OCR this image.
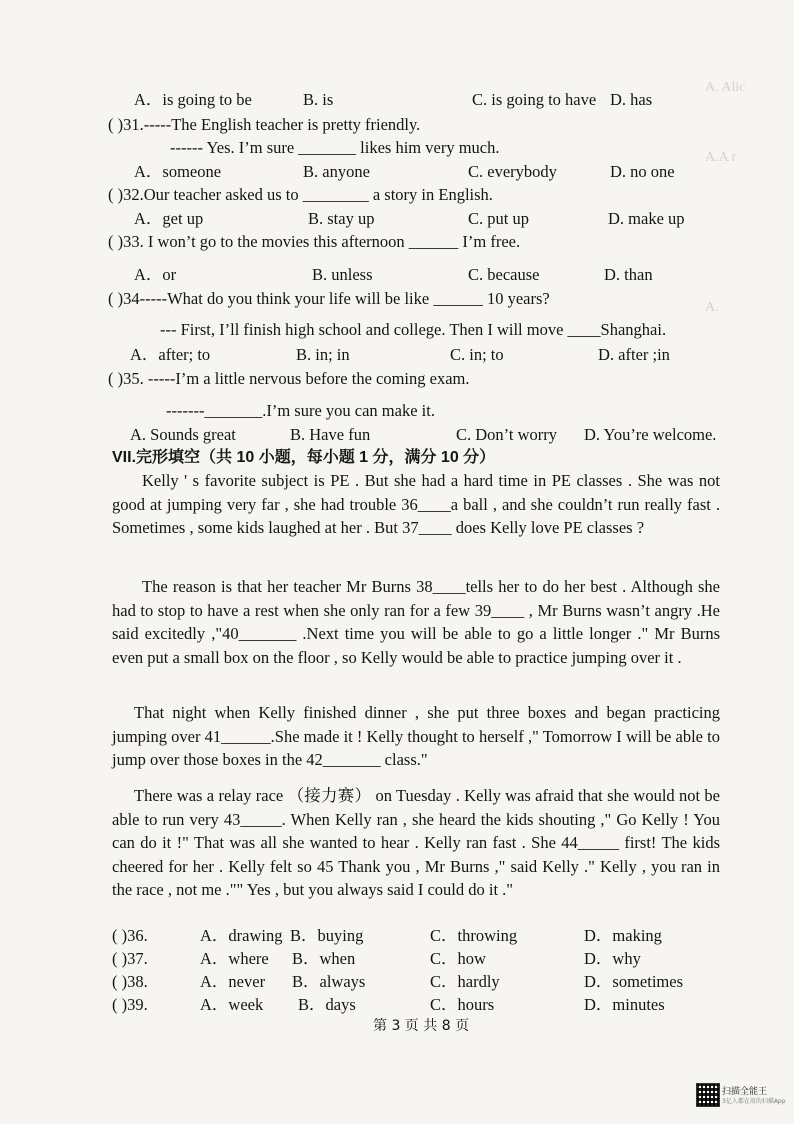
A. Alic
A.A r
A.
A．is going to be	B. is	C. is going to have D. has
( )31.-----The English teacher is pretty friendly.
------ Yes. I’m sure _______ likes him very much.
A．someone	B. anyone	C. everybody	D. no one
( )32.Our teacher asked us to ________ a story in English.
A．get up	B. stay up	C. put up	D. make up
( )33. I won’t go to the movies this afternoon ______ I’m free.
A．or	B. unless	C. because	D. than
( )34-----What do you think your life will be like ______ 10 years?
--- First, I’ll finish high school and college. Then I will move ____Shanghai.
A．after; to	B. in; in	C. in; to	D. after ;in
( )35. -----I’m a little nervous before the coming exam.
-------_______.I’m sure you can make it.
A. Sounds great	B. Have fun	C. Don’t worry D. You’re welcome.
VII.完形填空（共 10 小题，每小题 1 分，满分 10 分）
Kelly ' s favorite subject is PE . But she had a hard time in PE classes . She was not good at jumping very far , she had trouble 36____a ball , and she couldn’t run really fast . Sometimes , some kids laughed at her . But 37____ does Kelly love PE classes ?
The reason is that her teacher Mr Burns 38____tells her to do her best . Although she had to stop to have a rest when she only ran for a few 39____ , Mr Burns wasn’t angry .He said excitedly ,"40_______ .Next time you will be able to go a little longer ." Mr Burns even put a small box on the floor , so Kelly would be able to practice jumping over it .
That night when Kelly finished dinner , she put three boxes and began practicing jumping over 41______.She made it ! Kelly thought to herself ," Tomorrow I will be able to jump over those boxes in the 42_______ class."
There was a relay race （接力赛） on Tuesday . Kelly was afraid that she would not be able to run very 43_____. When Kelly ran , she heard the kids shouting ," Go Kelly ! You can do it !" That was all she wanted to hear . Kelly ran fast . She 44_____ first! The kids cheered for her . Kelly felt so 45 Thank you , Mr Burns ," said Kelly ." Kelly , you ran in the race , not me ."" Yes , but you always said I could do it ."
( )36.	A．drawing B．buying	C．throwing	D．making
( )37.	A．where B．when	C．how	D．why
( )38.	A．never B．always	C．hardly	D．sometimes
( )39.	A．week B．days	C．hours	D．minutes
第 3 页 共 8 页
扫描全能王
3亿人都在用的扫描App
